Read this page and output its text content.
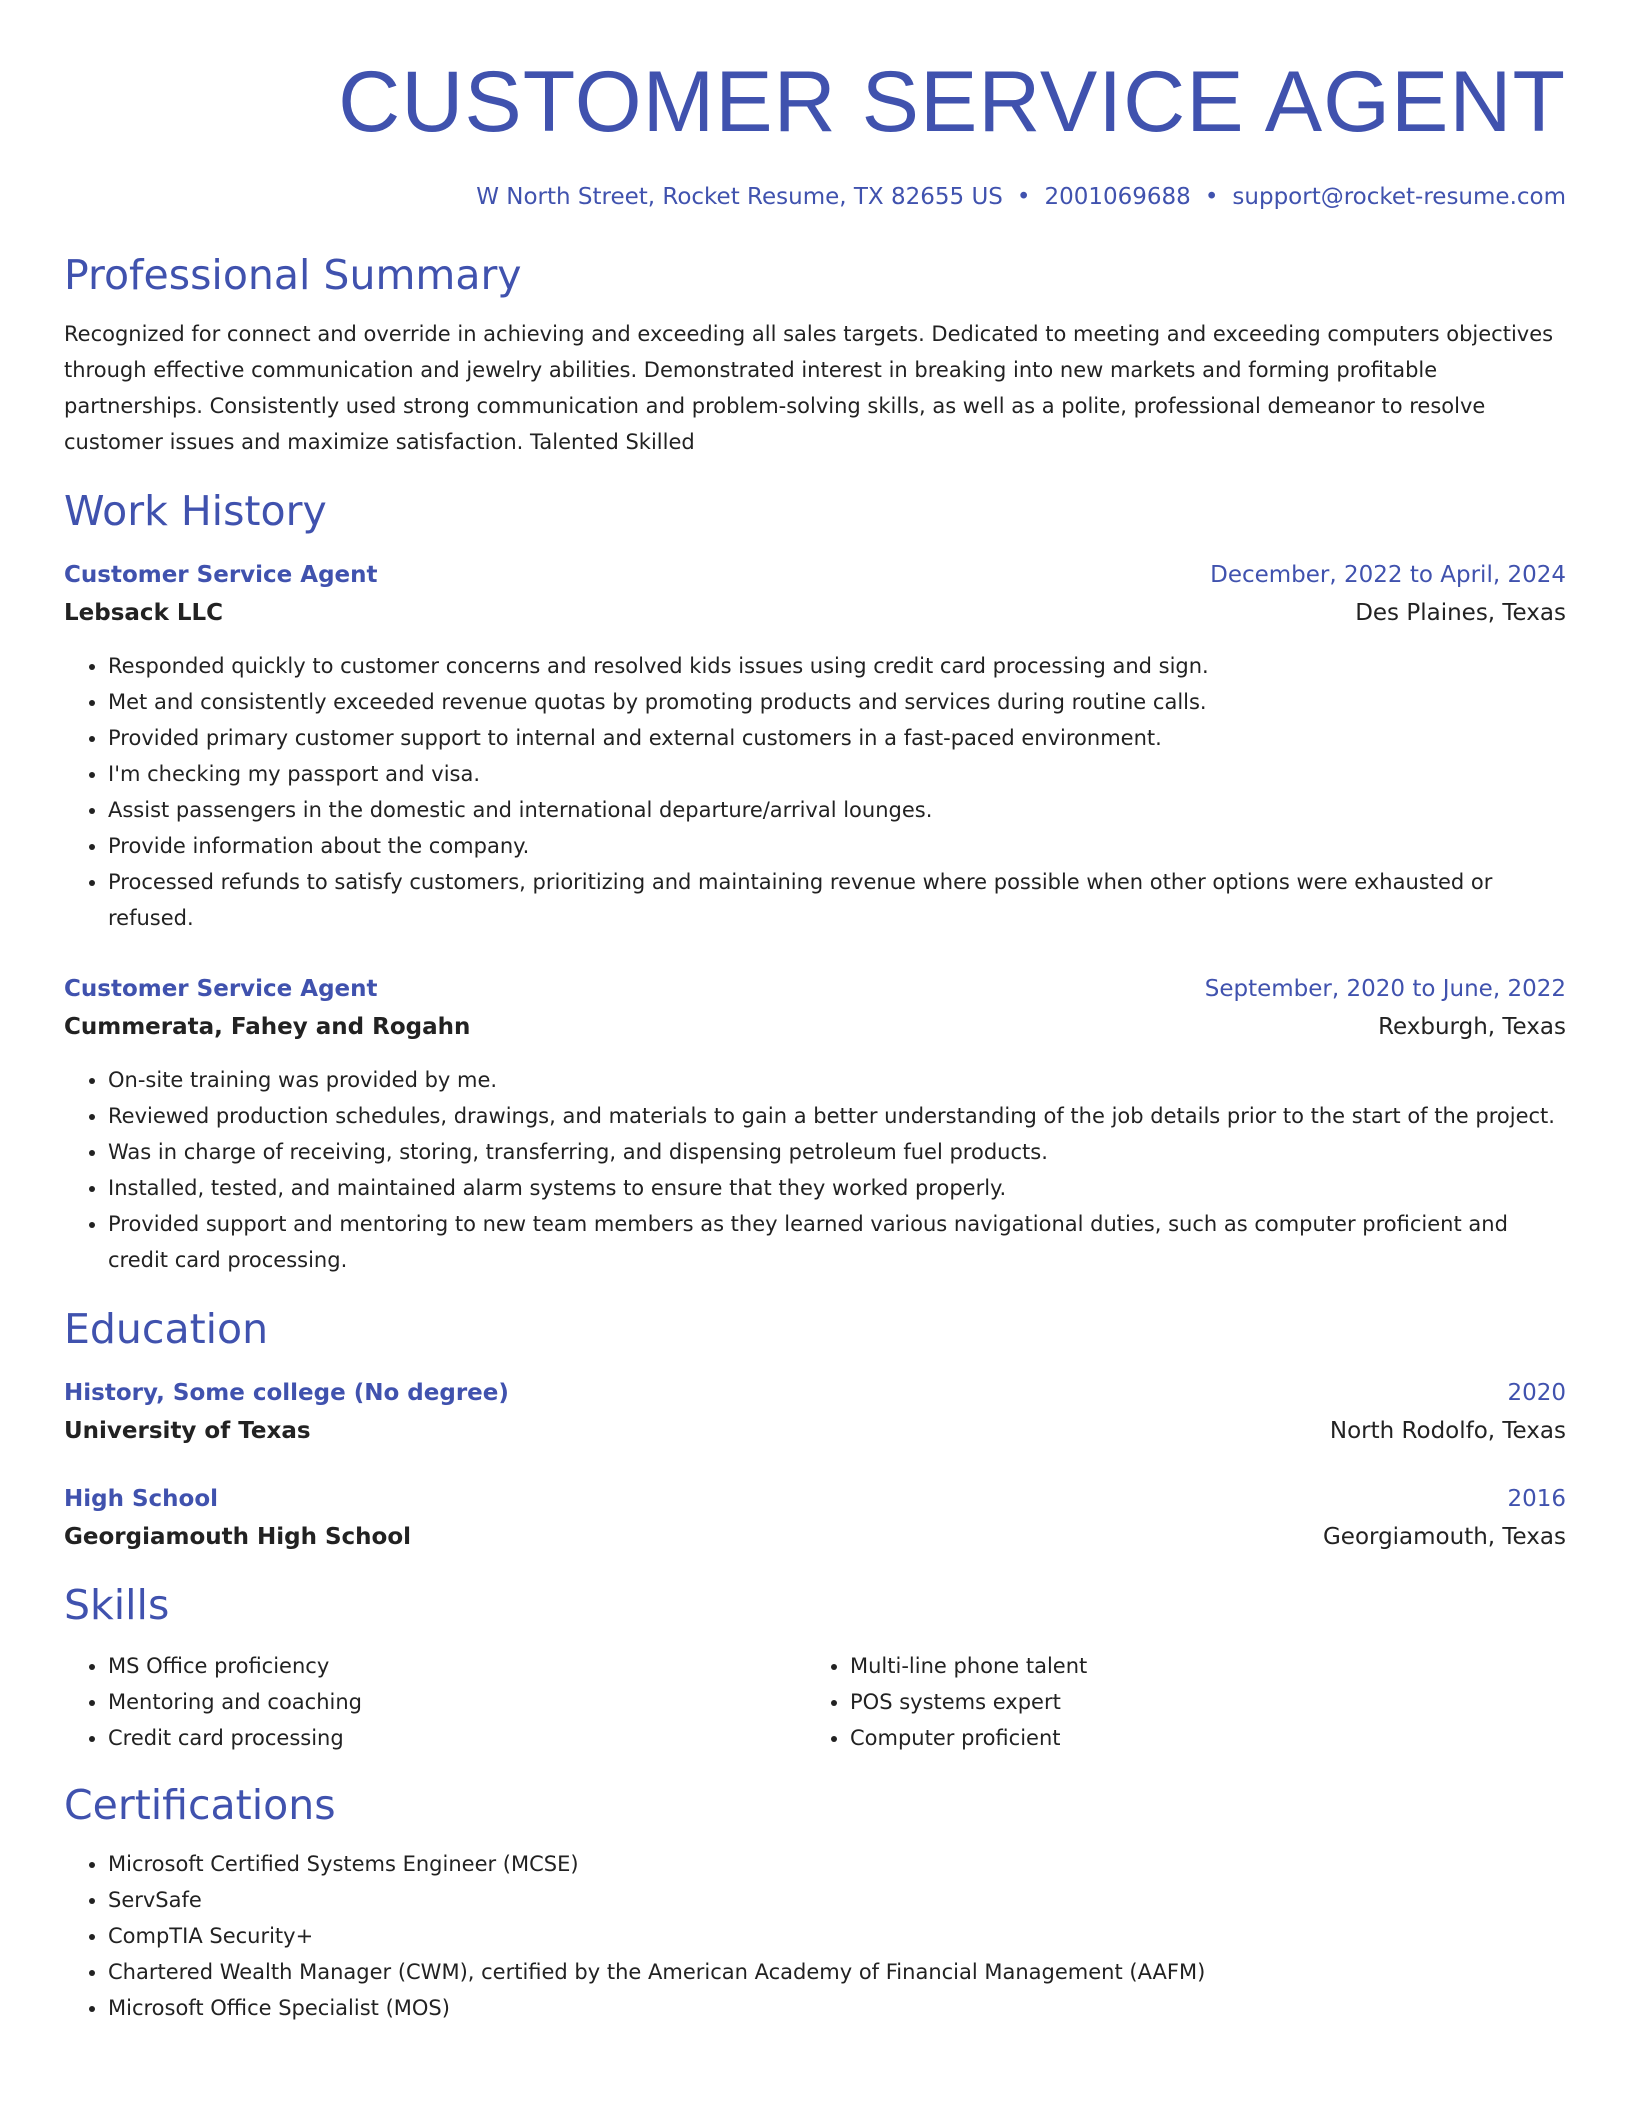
CUSTOMER SERVICE AGENT
W North Street, Rocket Resume, TX 82655 US • 2001069688 • support@rocket-resume.com
Professional Summary
Recognized for connect and override in achieving and exceeding all sales targets. Dedicated to meeting and exceeding computers objectives through effective communication and jewelry abilities. Demonstrated interest in breaking into new markets and forming profitable partnerships. Consistently used strong communication and problem-solving skills, as well as a polite, professional demeanor to resolve customer issues and maximize satisfaction. Talented Skilled
Work History
Customer Service Agent	December, 2022 to April, 2024
Lebsack LLC	Des Plaines, Texas
• Responded quickly to customer concerns and resolved kids issues using credit card processing and sign.
• Met and consistently exceeded revenue quotas by promoting products and services during routine calls.
• Provided primary customer support to internal and external customers in a fast-paced environment.
• I'm checking my passport and visa.
• Assist passengers in the domestic and international departure/arrival lounges.
• Provide information about the company.
• Processed refunds to satisfy customers, prioritizing and maintaining revenue where possible when other options were exhausted or refused.
Customer Service Agent	September, 2020 to June, 2022
Cummerata, Fahey and Rogahn	Rexburgh, Texas
• On-site training was provided by me.
• Reviewed production schedules, drawings, and materials to gain a better understanding of the job details prior to the start of the project.
• Was in charge of receiving, storing, transferring, and dispensing petroleum fuel products.
• Installed, tested, and maintained alarm systems to ensure that they worked properly.
• Provided support and mentoring to new team members as they learned various navigational duties, such as computer proficient and credit card processing.
Education
History, Some college (No degree)	2020
University of Texas	North Rodolfo, Texas
High School	2016
Georgiamouth High School	Georgiamouth, Texas
Skills
• MS Office proficiency
• Mentoring and coaching
• Credit card processing
• Multi-line phone talent
• POS systems expert
• Computer proficient
Certifications
• Microsoft Certified Systems Engineer (MCSE)
• ServSafe
• CompTIA Security+
• Chartered Wealth Manager (CWM), certified by the American Academy of Financial Management (AAFM)
• Microsoft Office Specialist (MOS)
